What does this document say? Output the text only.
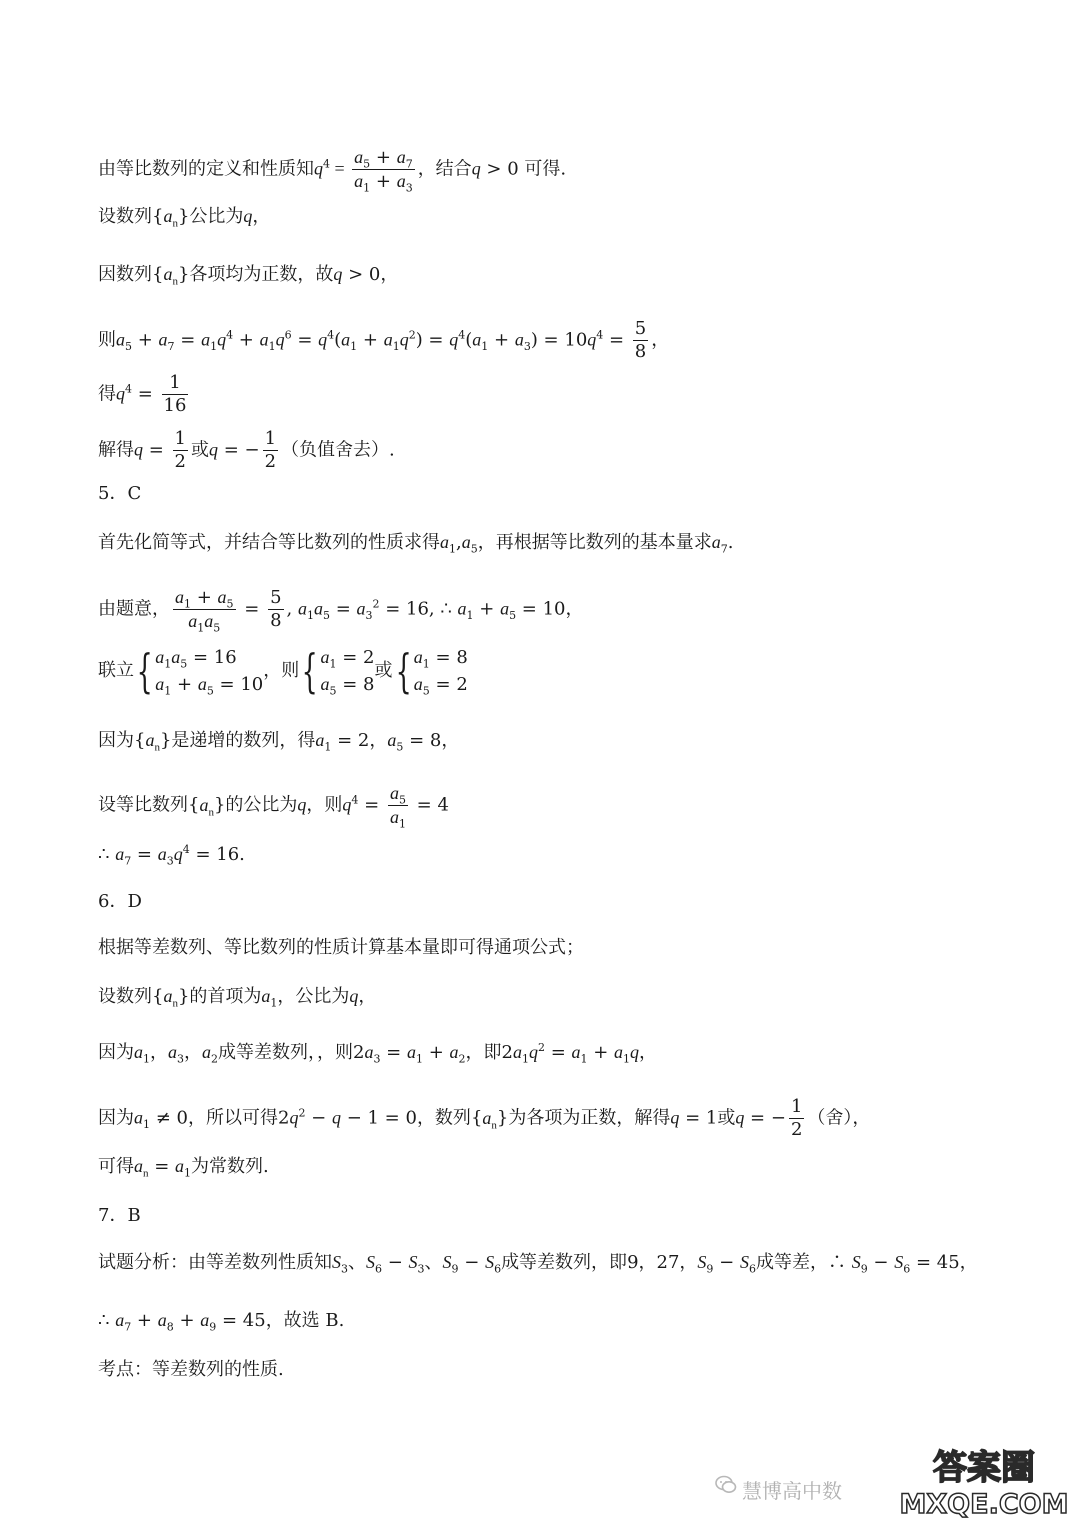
由等比数列的定义和性质知$q^4 = \frac{a_5 + a_7}{a_1 + a_3}$ ，结合q > 0 可得.
设数列$\{a_n\}$公比为q，
因数列$\{a_n\}$各项均为正数，故q > 0，
则$a_5 + a_7 = a_1q^4 + a_1q^6 = q^4(a_1 + a_1q^2) = q^4(a_1 + a_3) = 10q^4 = \frac{5}{8}$ ，
得$q^4 = \frac{1}{16}$
解得$q = \frac{1}{2}$ 或q = − $\frac{1}{2}$ （负值舍去）.
5．C
首先化简等式，并结合等比数列的性质求得$a_1,a_5$，再根据等比数列的基本量求$a_7$.
由题意， $\frac{a_1 + a_5}{a_1a_5} = \frac{5}{8}$ , $a_1a_5 = a_3^2 = 16$, ∴ $a_1 + a_5 = 10$，
联立{ $a_1a_5 = 16$
$a_1 + a_5 = 10$
，则{ $a_1 = 2$
$a_5 = 8$
或{ $a_1 = 8$
$a_5 = 2$
因为$\{a_n\}$是递增的数列，得$a_1 = 2$，$a_5 = 8$，
设等比数列$\{a_n\}$的公比为q，则$q^4 = \frac{a_5}{a_1} = 4$
∴ $a_7 = a_3q^4 = 16$.
6．D
根据等差数列、等比数列的性质计算基本量即可得通项公式；
设数列$\{a_n\}$的首项为$a_1$，公比为q，
因为$a_1$，$a_3$，$a_2$成等差数列，，则$2a_3 = a_1 + a_2$，即$2a_1q^2 = a_1 + a_1q$，
因为$a_1 \ne 0$，所以可得$2q^2 - q - 1 = 0$，数列$\{a_n\}$为各项为正数，解得q = 1或q = − $\frac{1}{2}$ （舍），
可得$a_n = a_1$为常数列.
7．B
试题分析：由等差数列性质知$S_3$、$S_6 - S_3$、$S_9 - S_6$成等差数列，即9，27，$S_9 - S_6$成等差，∴ $S_9 - S_6 = 45$，
∴ $a_7 + a_8 + a_9 = 45$，故选 B.
考点：等差数列的性质.
慧博高中数
答案圈
MXQE.COM
